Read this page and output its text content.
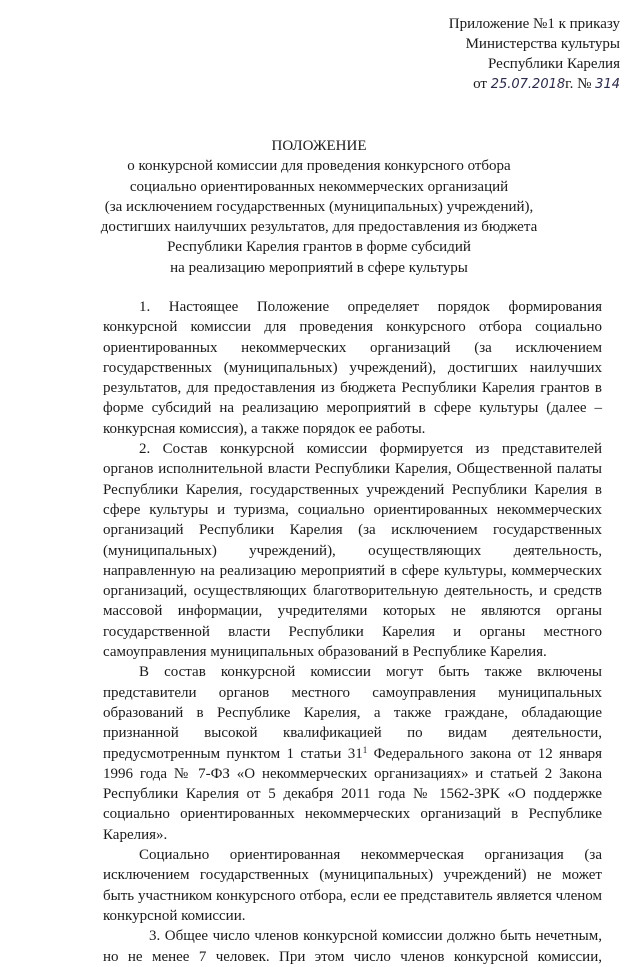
Приложение №1 к приказу
Министерства культуры
Республики Карелия
от 25.07.2018г. № 314
ПОЛОЖЕНИЕ
о конкурсной комиссии для проведения конкурсного отбора
социально ориентированных некоммерческих организаций
(за исключением государственных (муниципальных) учреждений),
достигших наилучших результатов, для предоставления из бюджета
Республики Карелия грантов в форме субсидий
на реализацию мероприятий в сфере культуры
1. Настоящее Положение определяет порядок формирования
конкурсной комиссии для проведения конкурсного отбора социально
ориентированных некоммерческих организаций (за исключением
государственных (муниципальных) учреждений), достигших наилучших
результатов, для предоставления из бюджета Республики Карелия грантов в
форме субсидий на реализацию мероприятий в сфере культуры (далее –
конкурсная комиссия), а также порядок ее работы.
2. Состав конкурсной комиссии формируется из представителей
органов исполнительной власти Республики Карелия, Общественной палаты
Республики Карелия, государственных учреждений Республики Карелия в
сфере культуры и туризма, социально ориентированных некоммерческих
организаций Республики Карелия (за исключением государственных
(муниципальных) учреждений), осуществляющих деятельность,
направленную на реализацию мероприятий в сфере культуры, коммерческих
организаций, осуществляющих благотворительную деятельность, и средств
массовой информации, учредителями которых не являются органы
государственной власти Республики Карелия и органы местного
самоуправления муниципальных образований в Республике Карелия.
В состав конкурсной комиссии могут быть также включены
представители органов местного самоуправления муниципальных
образований в Республике Карелия, а также граждане, обладающие
признанной высокой квалификацией по видам деятельности,
предусмотренным пунктом 1 статьи $31^1$ Федерального закона от 12 января
1996 года № 7-ФЗ «О некоммерческих организациях» и статьей 2 Закона
Республики Карелия от 5 декабря 2011 года № 1562-ЗРК «О поддержке
социально ориентированных некоммерческих организаций в Республике
Карелия».
Социально ориентированная некоммерческая организация (за
исключением государственных (муниципальных) учреждений) не может
быть участником конкурсного отбора, если ее представитель является членом
конкурсной комиссии.
3. Общее число членов конкурсной комиссии должно быть нечетным,
но не менее 7 человек. При этом число членов конкурсной комиссии,
